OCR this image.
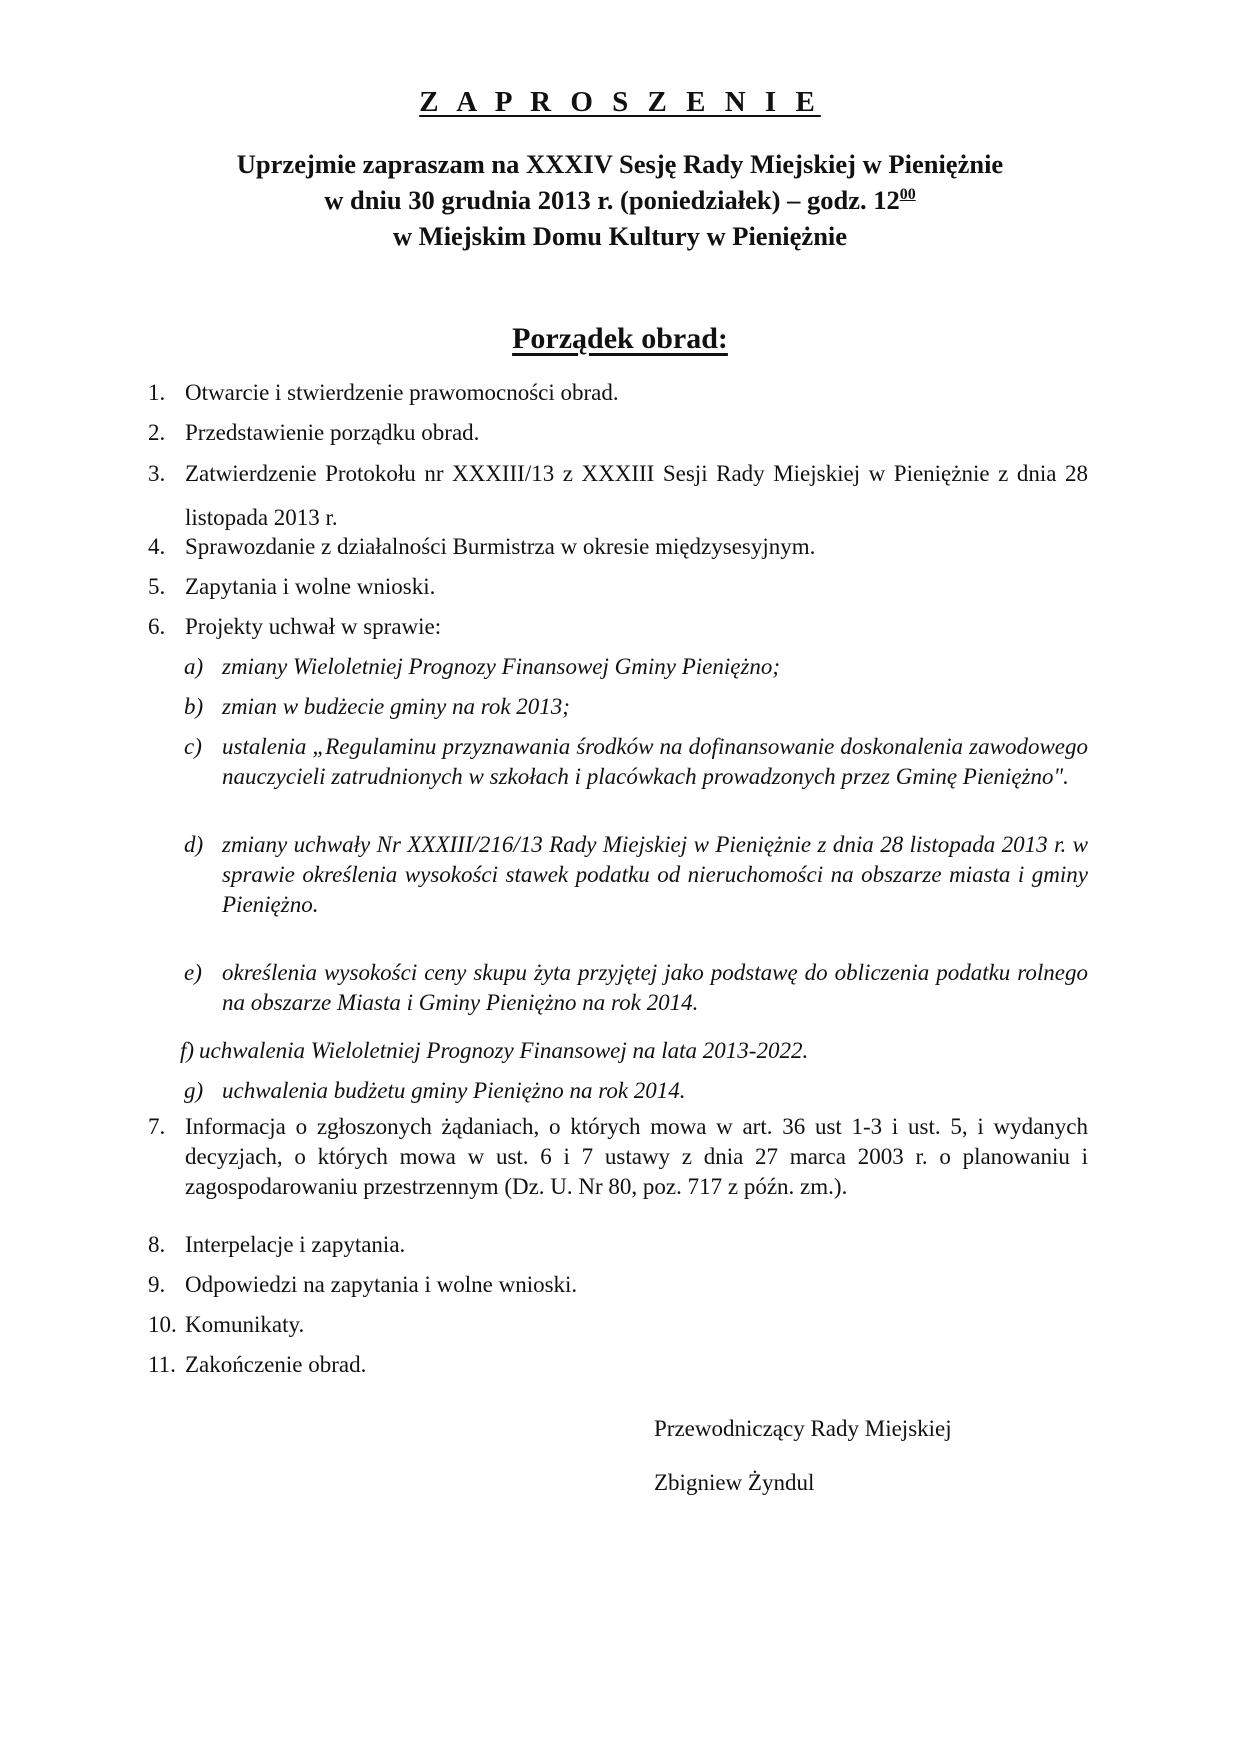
Z A P R O S Z E N I E
Uprzejmie zapraszam na XXXIV Sesję Rady Miejskiej w Pieniężnie
w dniu 30 grudnia 2013 r. (poniedziałek) – godz. $12^{00}$
w Miejskim Domu Kultury w Pieniężnie
Porządek obrad:
1. Otwarcie i stwierdzenie prawomocności obrad.
2. Przedstawienie porządku obrad.
3. Zatwierdzenie Protokołu nr XXXIII/13 z XXXIII Sesji Rady Miejskiej w Pieniężnie z dnia 28 listopada 2013 r.
4. Sprawozdanie z działalności Burmistrza w okresie międzysesyjnym.
5. Zapytania i wolne wnioski.
6. Projekty uchwał w sprawie:
a) zmiany Wieloletniej Prognozy Finansowej Gminy Pieniężno;
b) zmian w budżecie gminy na rok 2013;
c) ustalenia „Regulaminu przyznawania środków na dofinansowanie doskonalenia zawodowego nauczycieli zatrudnionych w szkołach i placówkach prowadzonych przez Gminę Pieniężno".
d) zmiany uchwały Nr XXXIII/216/13 Rady Miejskiej w Pieniężnie z dnia 28 listopada 2013 r. w sprawie określenia wysokości stawek podatku od nieruchomości na obszarze miasta i gminy Pieniężno.
e) określenia wysokości ceny skupu żyta przyjętej jako podstawę do obliczenia podatku rolnego na obszarze Miasta i Gminy Pieniężno na rok 2014.
f) uchwalenia Wieloletniej Prognozy Finansowej na lata 2013-2022.
g) uchwalenia budżetu gminy Pieniężno na rok 2014.
7. Informacja o zgłoszonych żądaniach, o których mowa w art. 36 ust 1-3 i ust. 5, i wydanych decyzjach, o których mowa w ust. 6 i 7 ustawy z dnia 27 marca 2003 r. o planowaniu i zagospodarowaniu przestrzennym (Dz. U. Nr 80, poz. 717 z późn. zm.).
8. Interpelacje i zapytania.
9. Odpowiedzi na zapytania i wolne wnioski.
10. Komunikaty.
11. Zakończenie obrad.
Przewodniczący Rady Miejskiej
Zbigniew Żyndul
